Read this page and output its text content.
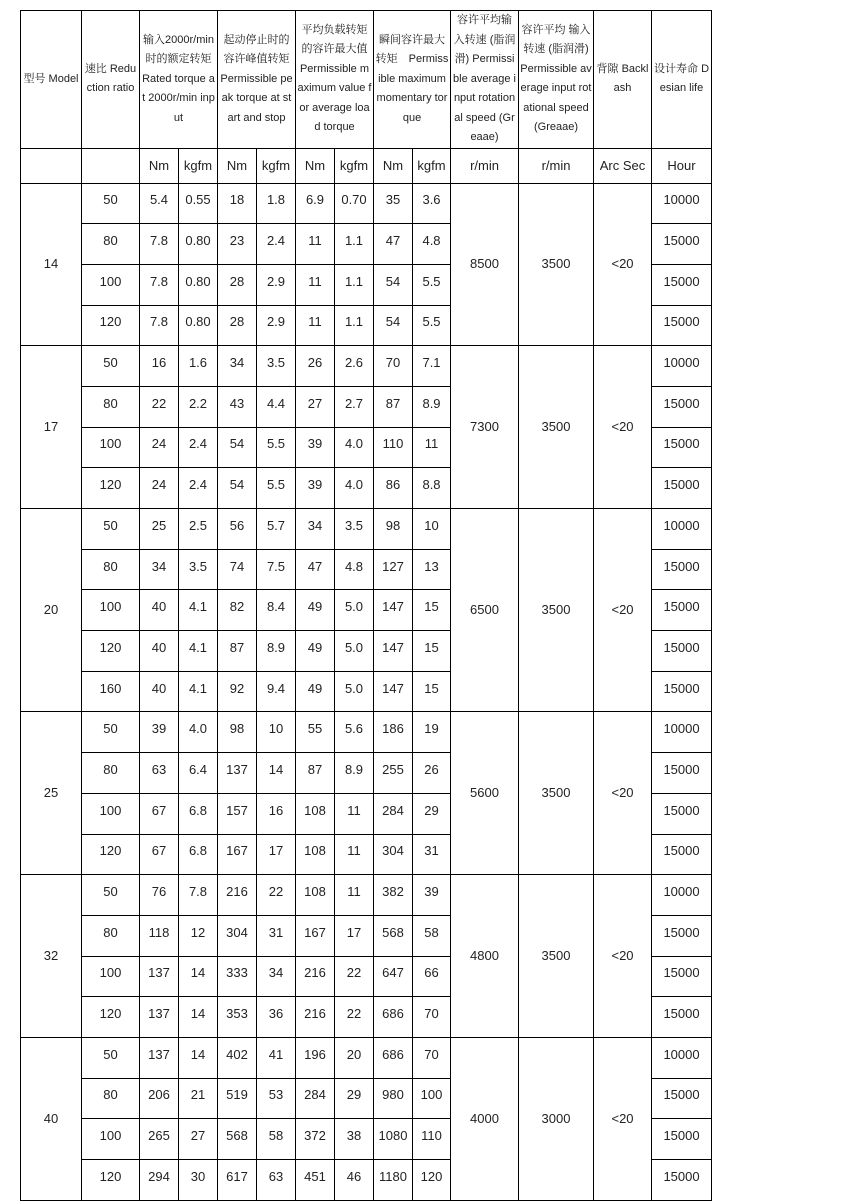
型号 Model	速比 Reduction ratio	输入2000r/min 时的额定转矩 Rated torque at 2000r/min input		起动停止时的容许峰值转矩 Permissible peak torque at start and stop		平均负载转矩的容许最大值 Permissible maximum value for average load torque		瞬间容许最大转矩　Permissible maximum momentary torque		容许平均输入转速 (脂润滑) Permissible average input rotational speed (Greaae)	容许平均 输入转速 (脂润滑) Permissible average input rotational speed (Greaae)	背隙 Backlash	设计寿命 Desian life
		Nm	kgfm	Nm	kgfm	Nm	kgfm	Nm	kgfm	r/min	r/min	Arc Sec	Hour
14	50	5.4	0.55	18	1.8	6.9	0.70	35	3.6	8500	3500	<20	10000
	80	7.8	0.80	23	2.4	11	1.1	47	4.8				15000
	100	7.8	0.80	28	2.9	11	1.1	54	5.5				15000
	120	7.8	0.80	28	2.9	11	1.1	54	5.5				15000
17	50	16	1.6	34	3.5	26	2.6	70	7.1	7300	3500	<20	10000
	80	22	2.2	43	4.4	27	2.7	87	8.9				15000
	100	24	2.4	54	5.5	39	4.0	110	11				15000
	120	24	2.4	54	5.5	39	4.0	86	8.8				15000
20	50	25	2.5	56	5.7	34	3.5	98	10	6500	3500	<20	10000
	80	34	3.5	74	7.5	47	4.8	127	13				15000
	100	40	4.1	82	8.4	49	5.0	147	15				15000
	120	40	4.1	87	8.9	49	5.0	147	15				15000
	160	40	4.1	92	9.4	49	5.0	147	15				15000
25	50	39	4.0	98	10	55	5.6	186	19	5600	3500	<20	10000
	80	63	6.4	137	14	87	8.9	255	26				15000
	100	67	6.8	157	16	108	11	284	29				15000
	120	67	6.8	167	17	108	11	304	31				15000
32	50	76	7.8	216	22	108	11	382	39	4800	3500	<20	10000
	80	118	12	304	31	167	17	568	58				15000
	100	137	14	333	34	216	22	647	66				15000
	120	137	14	353	36	216	22	686	70				15000
40	50	137	14	402	41	196	20	686	70	4000	3000	<20	10000
	80	206	21	519	53	284	29	980	100				15000
	100	265	27	568	58	372	38	1080	110				15000
	120	294	30	617	63	451	46	1180	120				15000
